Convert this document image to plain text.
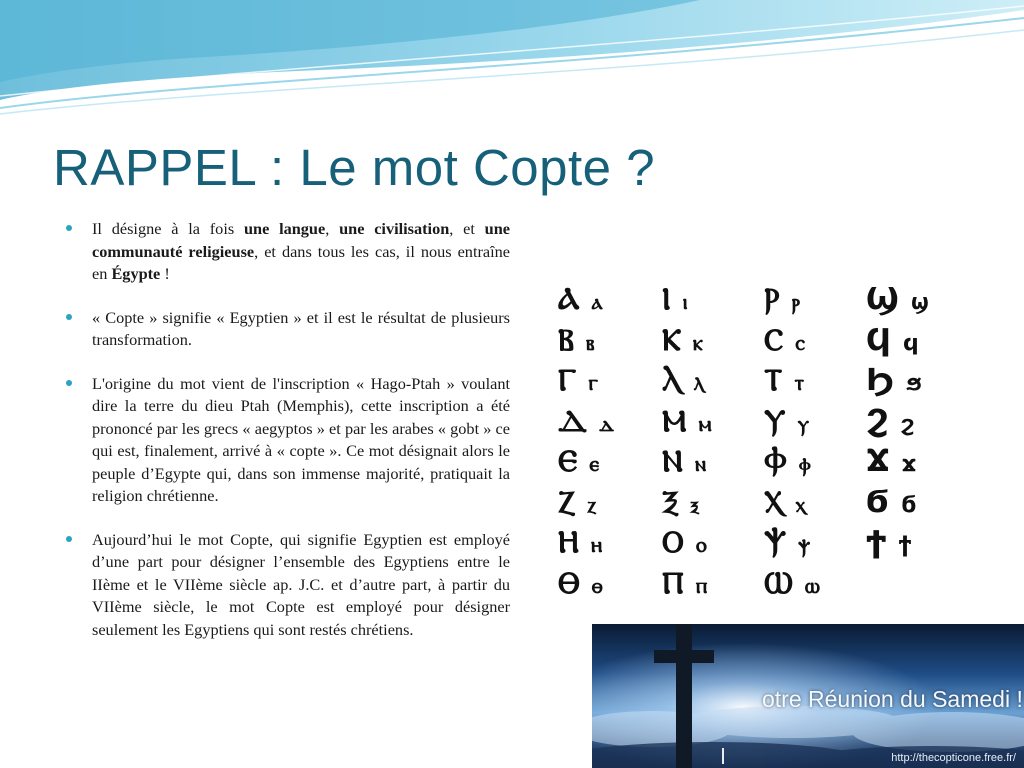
RAPPEL : Le mot Copte ?
Il désigne à la fois une langue, une civilisation, et une communauté religieuse, et dans tous les cas, il nous entraîne en Égypte !
« Copte » signifie « Egyptien » et il est le résultat de plusieurs transformation.
L'origine du mot vient de l'inscription « Hago-Ptah » voulant dire la terre du dieu Ptah (Memphis), cette inscription a été prononcé par les grecs « aegyptos » et par les arabes « gobt » ce qui est, finalement, arrivé à « copte ». Ce mot désignait alors le peuple d’Egypte qui, dans son immense majorité, pratiquait la religion chrétienne.
Aujourd’hui le mot Copte, qui signifie Egyptien est employé d’une part pour désigner l’ensemble des Egyptiens entre le IIème et le VIIème siècle ap. J.C. et d’autre part, à partir du VIIème siècle, le mot Copte est employé pour désigner seulement les Egyptiens qui sont restés chrétiens.
Ⲁ ⲁ
Ⲃ ⲃ
Ⲅ ⲅ
Ⲇ ⲇ
Ⲉ ⲉ
Ⲍ ⲍ
Ⲏ ⲏ
Ⲑ ⲑ
Ⲓ ⲓ
Ⲕ ⲕ
Ⲗ ⲗ
Ⲙ ⲙ
Ⲛ ⲛ
Ⲝ ⲝ
Ⲟ ⲟ
Ⲡ ⲡ
Ⲣ ⲣ
Ⲥ ⲥ
Ⲧ ⲧ
Ⲩ ⲩ
Ⲫ ⲫ
Ⲭ ⲭ
Ⲯ ⲯ
Ⲱ ⲱ
Ϣ ϣ
Ϥ ϥ
Ϧ ϧ
Ϩ ϩ
Ϫ ϫ
Ϭ ϭ
Ϯ ϯ
otre Réunion du Samedi !
http://thecopticone.free.fr/
